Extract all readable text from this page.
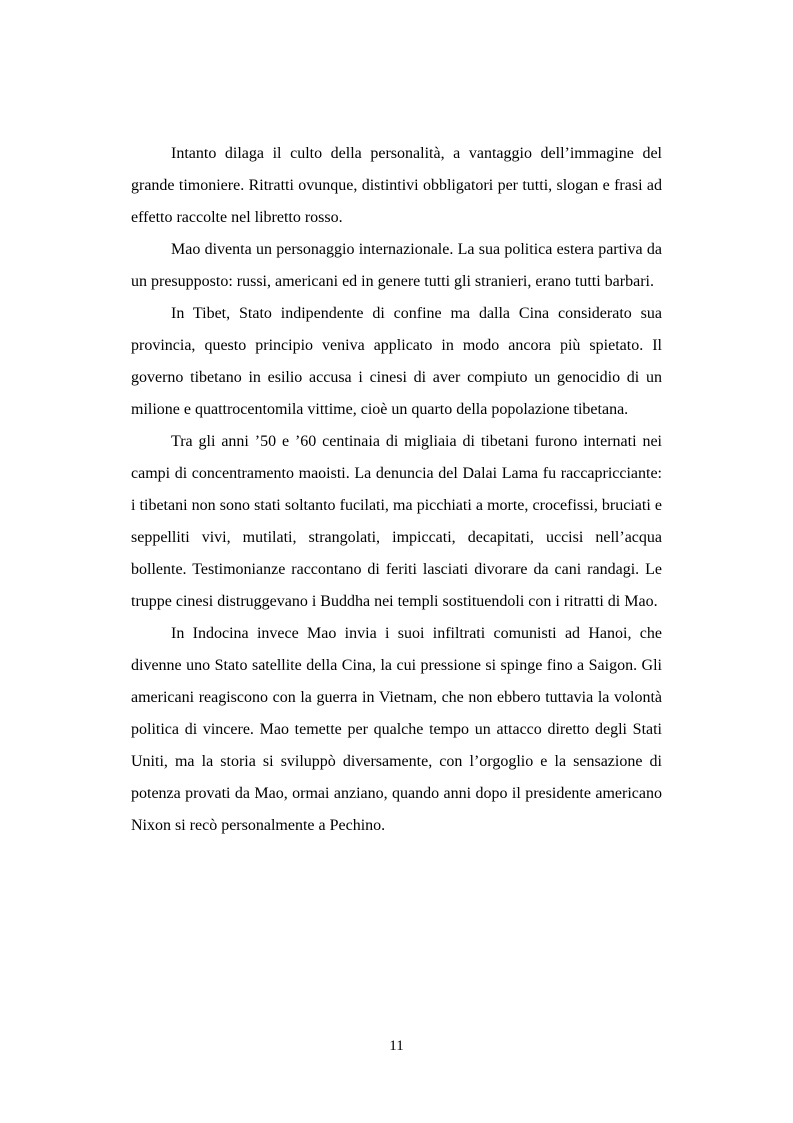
Intanto dilaga il culto della personalità, a vantaggio dell’immagine del grande timoniere. Ritratti ovunque, distintivi obbligatori per tutti, slogan e frasi ad effetto raccolte nel libretto rosso.

Mao diventa un personaggio internazionale. La sua politica estera partiva da un presupposto: russi, americani ed in genere tutti gli stranieri, erano tutti barbari.

In Tibet, Stato indipendente di confine ma dalla Cina considerato sua provincia, questo principio veniva applicato in modo ancora più spietato. Il governo tibetano in esilio accusa i cinesi di aver compiuto un genocidio di un milione e quattrocentomila vittime, cioè un quarto della popolazione tibetana.

Tra gli anni ’50 e ’60 centinaia di migliaia di tibetani furono internati nei campi di concentramento maoisti. La denuncia del Dalai Lama fu raccapricciante: i tibetani non sono stati soltanto fucilati, ma picchiati a morte, crocefissi, bruciati e seppelliti vivi, mutilati, strangolati, impiccati, decapitati, uccisi nell’acqua bollente. Testimonianze raccontano di feriti lasciati divorare da cani randagi. Le truppe cinesi distruggevano i Buddha nei templi sostituendoli con i ritratti di Mao.

In Indocina invece Mao invia i suoi infiltrati comunisti ad Hanoi, che divenne uno Stato satellite della Cina, la cui pressione si spinge fino a Saigon. Gli americani reagiscono con la guerra in Vietnam, che non ebbero tuttavia la volontà politica di vincere. Mao temette per qualche tempo un attacco diretto degli Stati Uniti, ma la storia si sviluppò diversamente, con l’orgoglio e la sensazione di potenza provati da Mao, ormai anziano, quando anni dopo il presidente americano Nixon si recò personalmente a Pechino.

11
